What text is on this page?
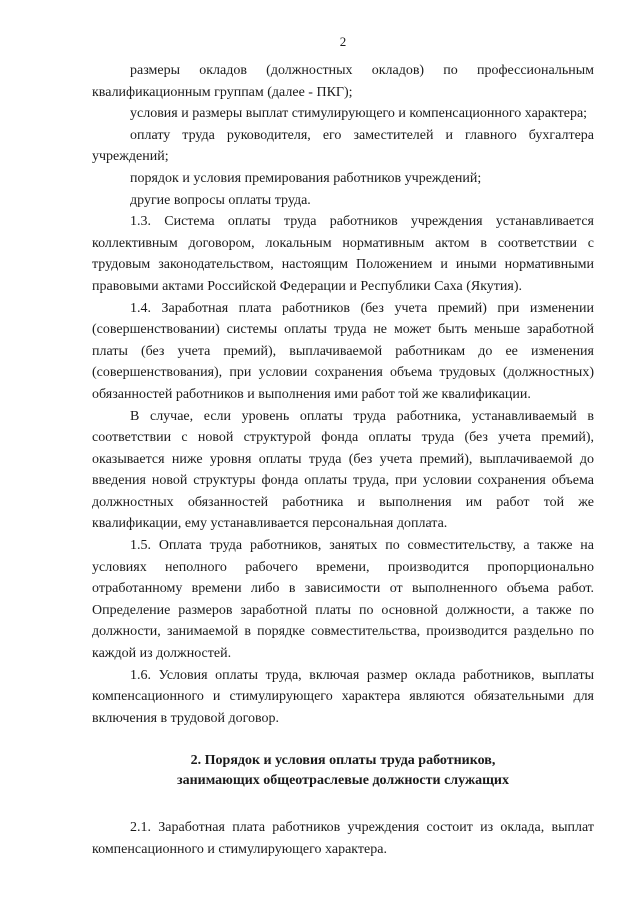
2

размеры окладов (должностных окладов) по профессиональным квалификационным группам (далее - ПКГ);

условия и размеры выплат стимулирующего и компенсационного характера;

оплату труда руководителя, его заместителей и главного бухгалтера учреждений;

порядок и условия премирования работников учреждений;

другие вопросы оплаты труда.

1.3. Система оплаты труда работников учреждения устанавливается коллективным договором, локальным нормативным актом в соответствии с трудовым законодательством, настоящим Положением и иными нормативными правовыми актами Российской Федерации и Республики Саха (Якутия).

1.4. Заработная плата работников (без учета премий) при изменении (совершенствовании) системы оплаты труда не может быть меньше заработной платы (без учета премий), выплачиваемой работникам до ее изменения (совершенствования), при условии сохранения объема трудовых (должностных) обязанностей работников и выполнения ими работ той же квалификации.

В случае, если уровень оплаты труда работника, устанавливаемый в соответствии с новой структурой фонда оплаты труда (без учета премий), оказывается ниже уровня оплаты труда (без учета премий), выплачиваемой до введения новой структуры фонда оплаты труда, при условии сохранения объема должностных обязанностей работника и выполнения им работ той же квалификации, ему устанавливается персональная доплата.

1.5. Оплата труда работников, занятых по совместительству, а также на условиях неполного рабочего времени, производится пропорционально отработанному времени либо в зависимости от выполненного объема работ. Определение размеров заработной платы по основной должности, а также по должности, занимаемой в порядке совместительства, производится раздельно по каждой из должностей.

1.6. Условия оплаты труда, включая размер оклада работников, выплаты компенсационного и стимулирующего характера являются обязательными для включения в трудовой договор.

2. Порядок и условия оплаты труда работников,
занимающих общеотраслевые должности служащих

2.1. Заработная плата работников учреждения состоит из оклада, выплат компенсационного и стимулирующего характера.
